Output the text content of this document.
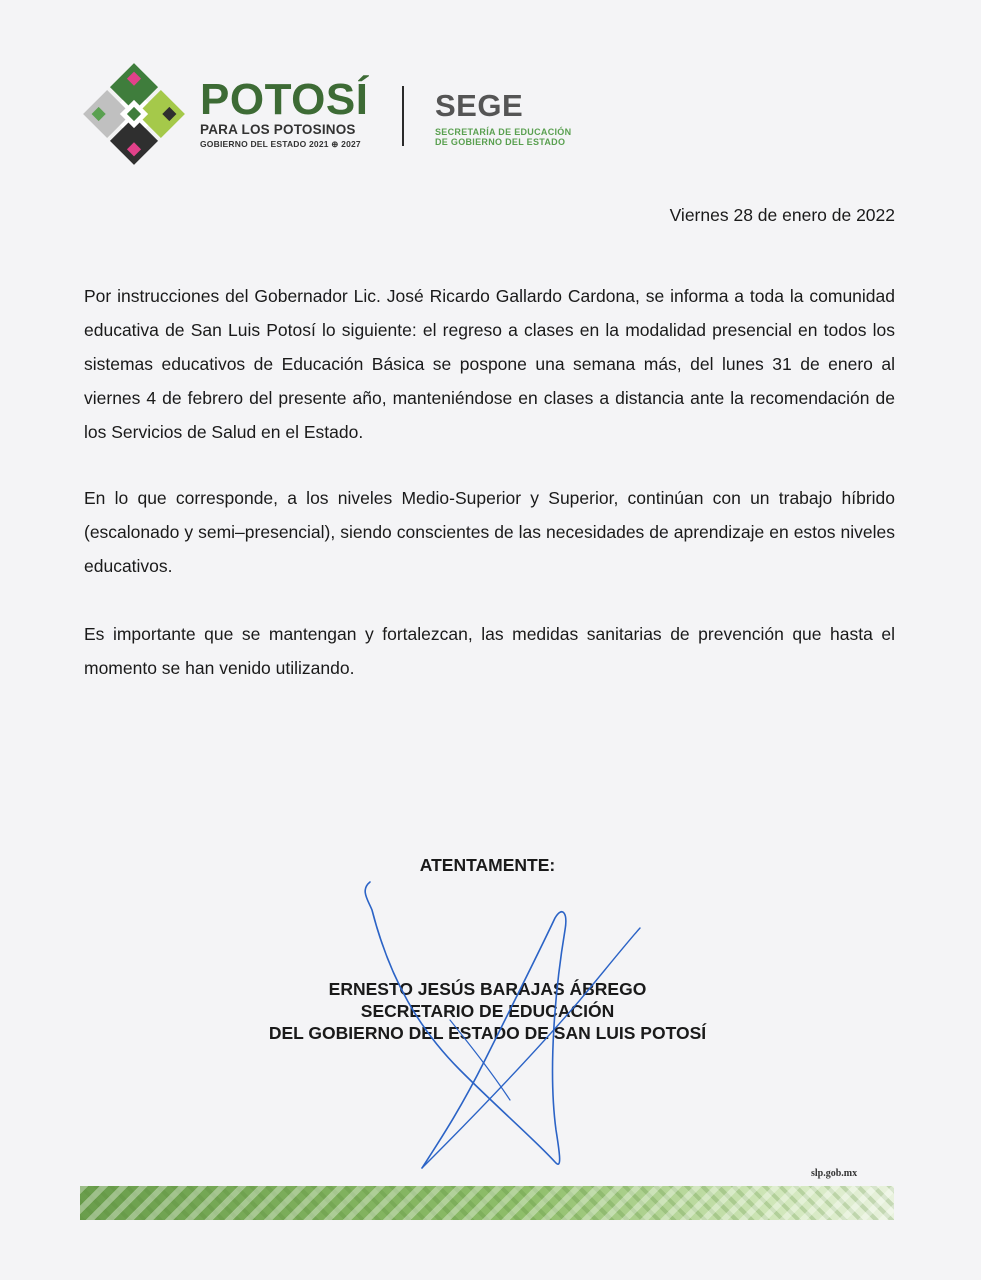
POTOSÍ
PARA LOS POTOSINOS
GOBIERNO DEL ESTADO 2021 ⊕ 2027
SEGE
SECRETARÍA DE EDUCACIÓN
DE GOBIERNO DEL ESTADO
Viernes 28 de enero de 2022
Por instrucciones del Gobernador Lic. José Ricardo Gallardo Cardona, se informa a toda la comunidad educativa de San Luis Potosí lo siguiente: el regreso a clases en la modalidad presencial en todos los sistemas educativos de Educación Básica se pospone una semana más, del lunes 31 de enero al viernes 4 de febrero del presente año, manteniéndose en clases a distancia ante la recomendación de los Servicios de Salud en el Estado.
En lo que corresponde, a los niveles Medio-Superior y Superior, continúan con un trabajo híbrido (escalonado y semi–presencial), siendo conscientes de las necesidades de aprendizaje en estos niveles educativos.
Es importante que se mantengan y fortalezcan, las medidas sanitarias de prevención que hasta el momento se han venido utilizando.
ATENTAMENTE:
ERNESTO JESÚS BARAJAS ÁBREGO
SECRETARIO DE EDUCACIÓN
DEL GOBIERNO DEL ESTADO DE SAN LUIS POTOSÍ
slp.gob.mx
